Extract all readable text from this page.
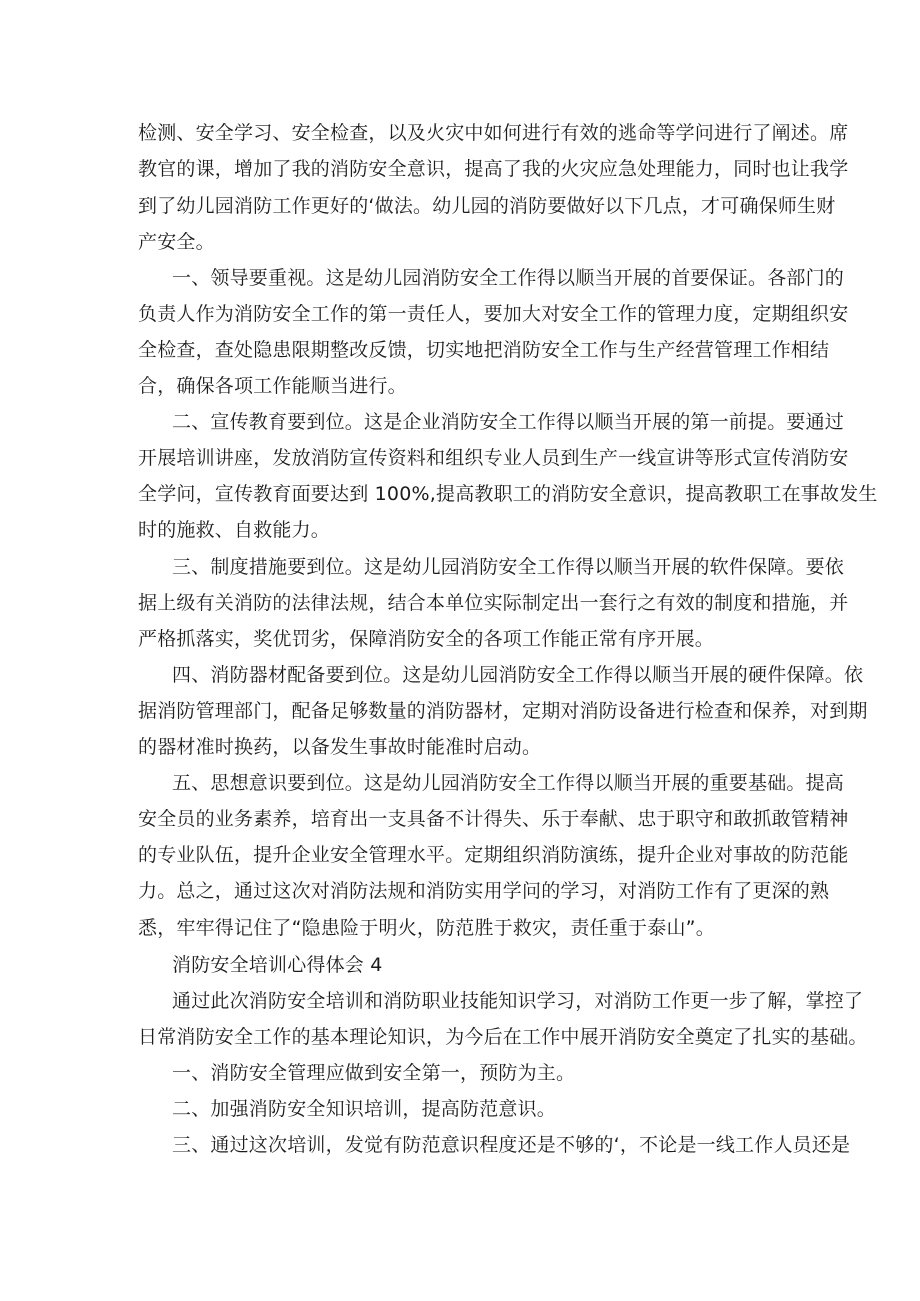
检测、安全学习、安全检查，以及火灾中如何进行有效的逃命等学问进行了阐述。席

教官的课，增加了我的消防安全意识，提高了我的火灾应急处理能力，同时也让我学

到了幼儿园消防工作更好的‘做法。幼儿园的消防要做好以下几点，才可确保师生财

产安全。

一、领导要重视。这是幼儿园消防安全工作得以顺当开展的首要保证。各部门的

负责人作为消防安全工作的第一责任人，要加大对安全工作的管理力度，定期组织安

全检查，查处隐患限期整改反馈，切实地把消防安全工作与生产经营管理工作相结

合，确保各项工作能顺当进行。

二、宣传教育要到位。这是企业消防安全工作得以顺当开展的第一前提。要通过

开展培训讲座，发放消防宣传资料和组织专业人员到生产一线宣讲等形式宣传消防安

全学问，宣传教育面要达到 100%,提高教职工的消防安全意识，提高教职工在事故发生

时的施救、自救能力。

三、制度措施要到位。这是幼儿园消防安全工作得以顺当开展的软件保障。要依

据上级有关消防的法律法规，结合本单位实际制定出一套行之有效的制度和措施，并

严格抓落实，奖优罚劣，保障消防安全的各项工作能正常有序开展。

四、消防器材配备要到位。这是幼儿园消防安全工作得以顺当开展的硬件保障。依

据消防管理部门，配备足够数量的消防器材，定期对消防设备进行检查和保养，对到期

的器材准时换药，以备发生事故时能准时启动。

五、思想意识要到位。这是幼儿园消防安全工作得以顺当开展的重要基础。提高

安全员的业务素养，培育出一支具备不计得失、乐于奉献、忠于职守和敢抓敢管精神

的专业队伍，提升企业安全管理水平。定期组织消防演练，提升企业对事故的防范能

力。总之，通过这次对消防法规和消防实用学问的学习，对消防工作有了更深的熟

悉，牢牢得记住了“隐患险于明火，防范胜于救灾，责任重于泰山”。

消防安全培训心得体会 4

通过此次消防安全培训和消防职业技能知识学习，对消防工作更一步了解，掌控了

日常消防安全工作的基本理论知识，为今后在工作中展开消防安全奠定了扎实的基础。

一、消防安全管理应做到安全第一，预防为主。

二、加强消防安全知识培训，提高防范意识。

三、通过这次培训，发觉有防范意识程度还是不够的‘，不论是一线工作人员还是
